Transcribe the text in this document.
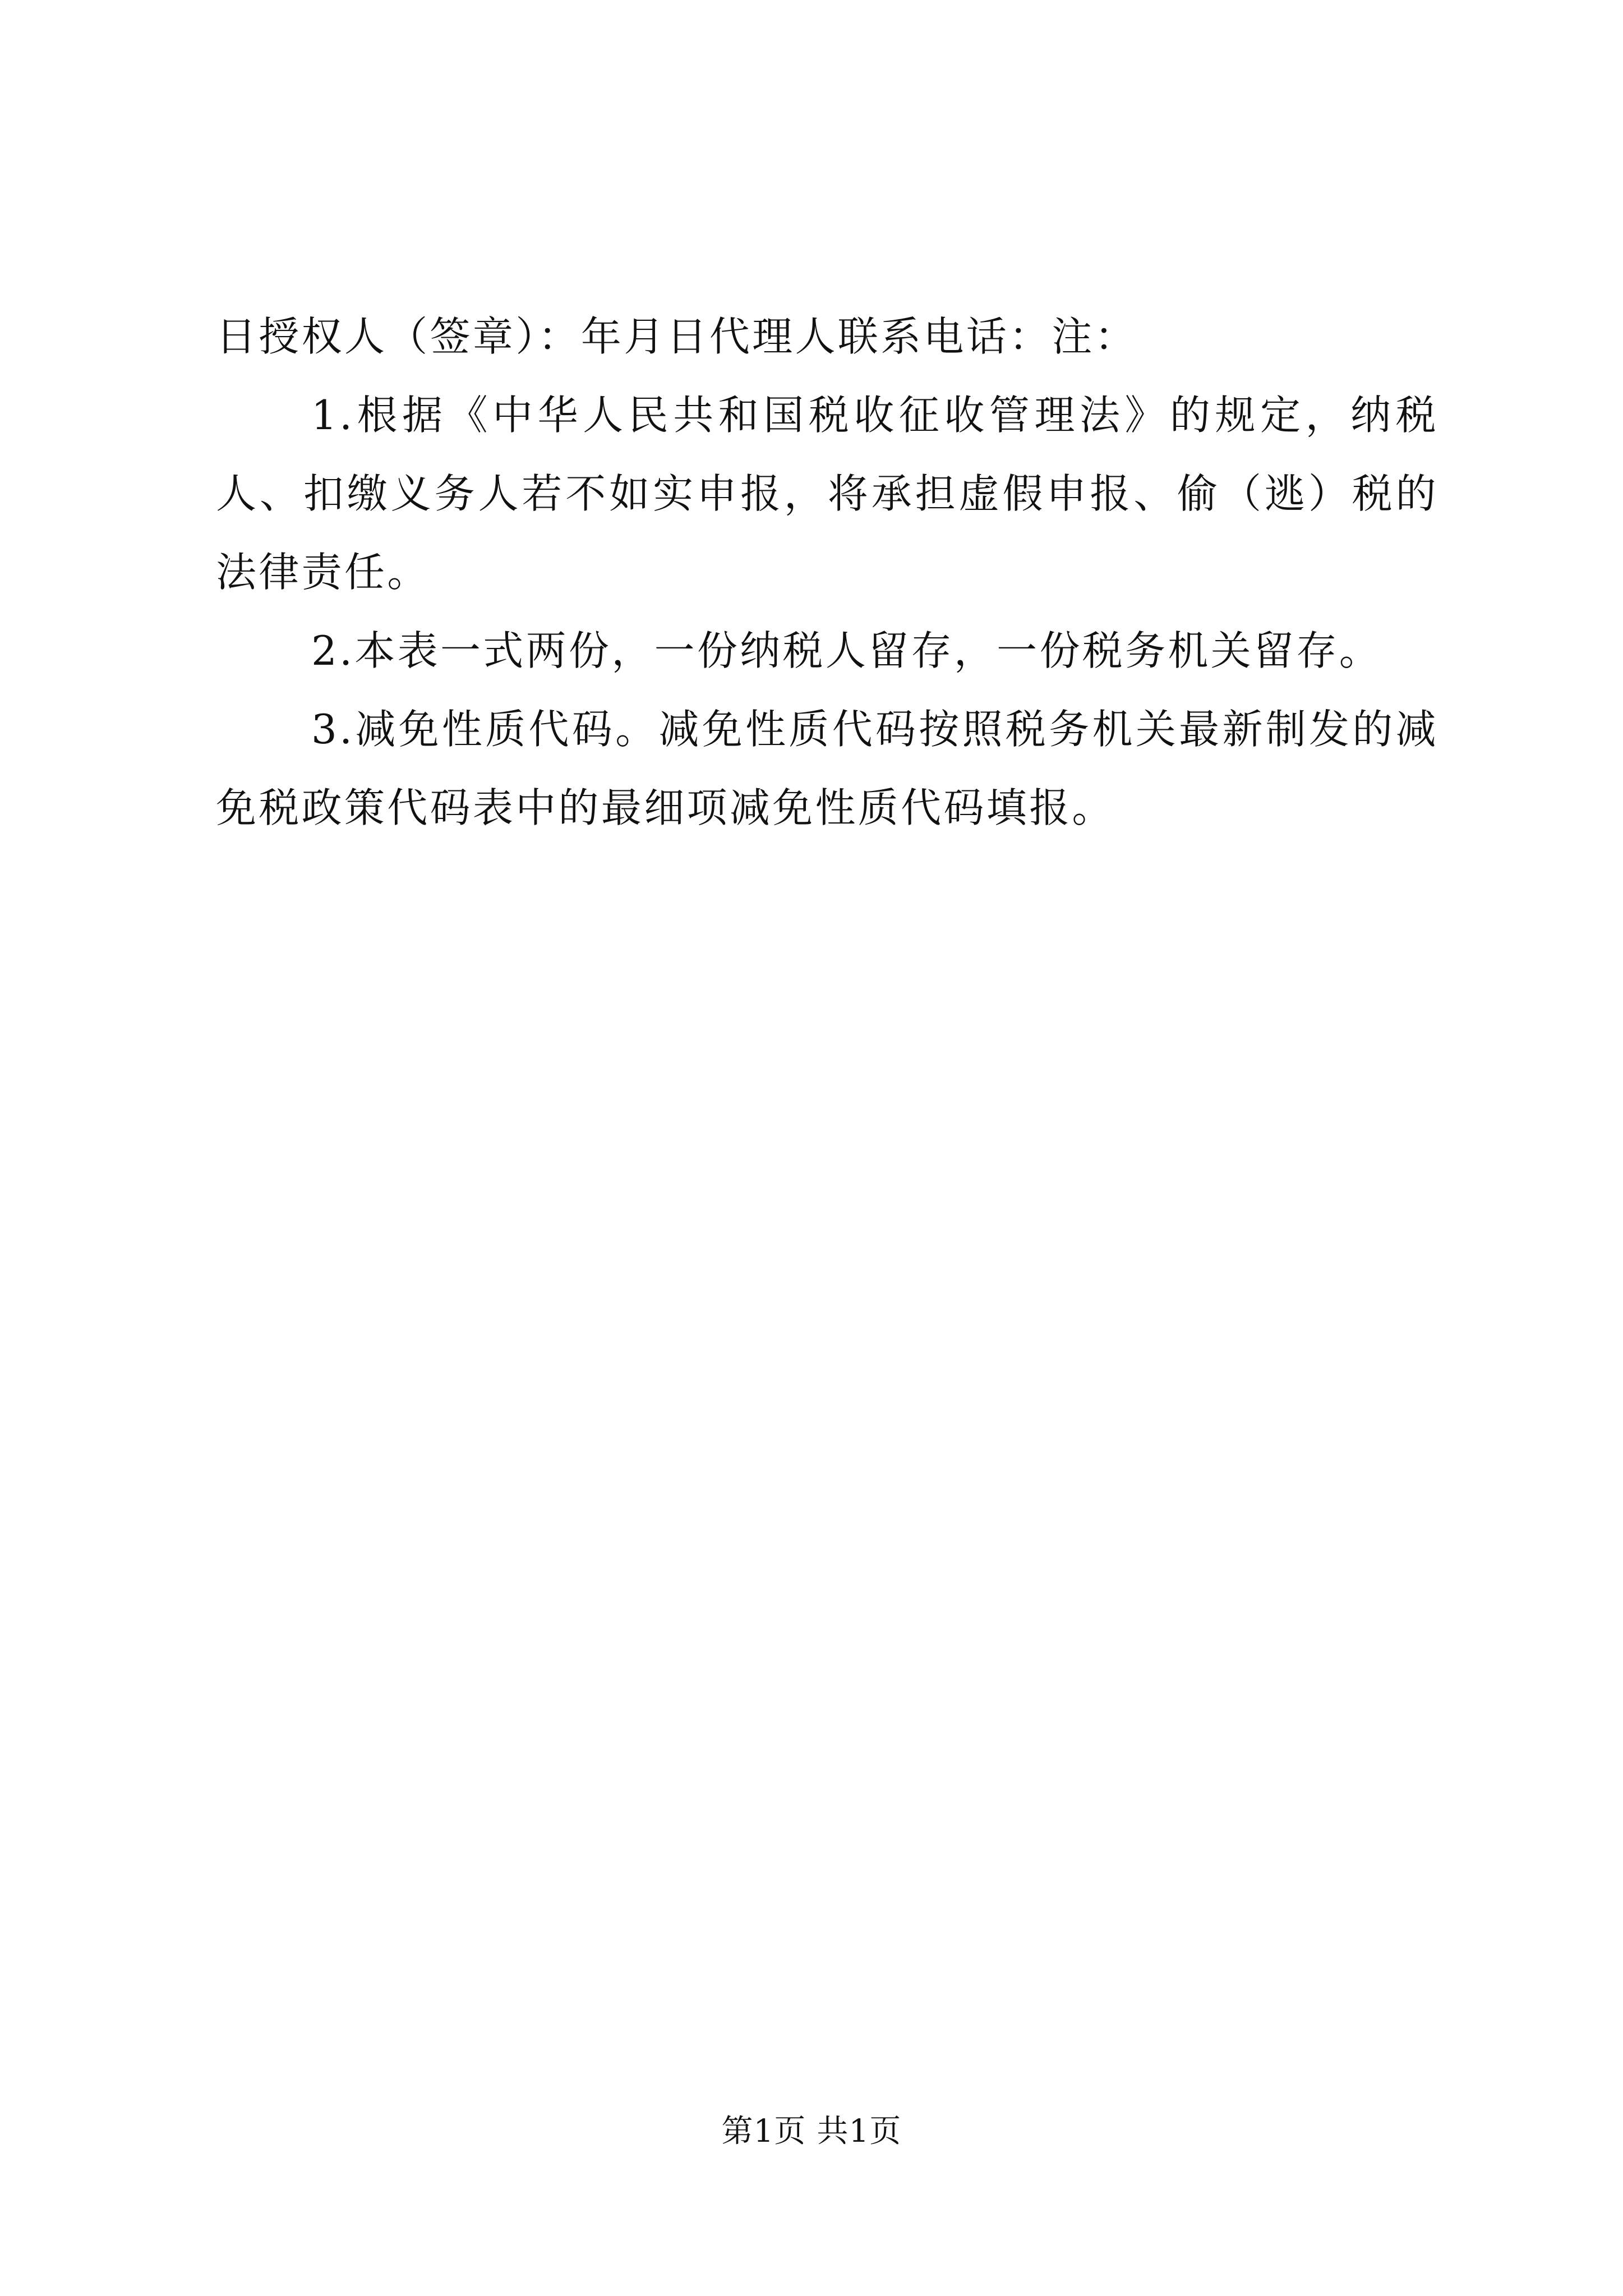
日授权人（签章）：年月日代理人联系电话：注：

1.根据《中华人民共和国税收征收管理法》的规定，纳税人、扣缴义务人若不如实申报，将承担虚假申报、偷（逃）税的法律责任。

2.本表一式两份，一份纳税人留存，一份税务机关留存。

3.减免性质代码。减免性质代码按照税务机关最新制发的减免税政策代码表中的最细项减免性质代码填报。

第1页 共1页
